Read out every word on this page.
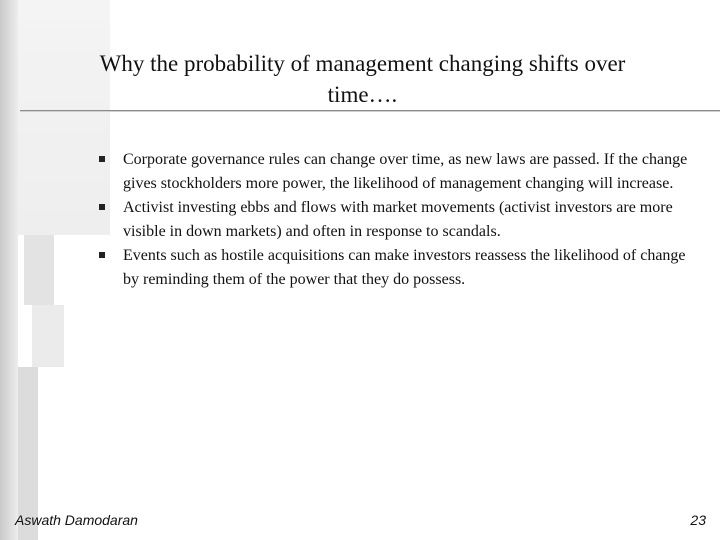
Why the probability of management changing shifts over
time….
Corporate governance rules can change over time, as new laws are passed. If the change gives stockholders more power, the likelihood of management changing will increase.
Activist investing ebbs and flows with market movements (activist investors are more visible in down markets) and often in response to scandals.
Events such as hostile acquisitions can make investors reassess the likelihood of change by reminding them of the power that they do possess.
Aswath Damodaran	23
